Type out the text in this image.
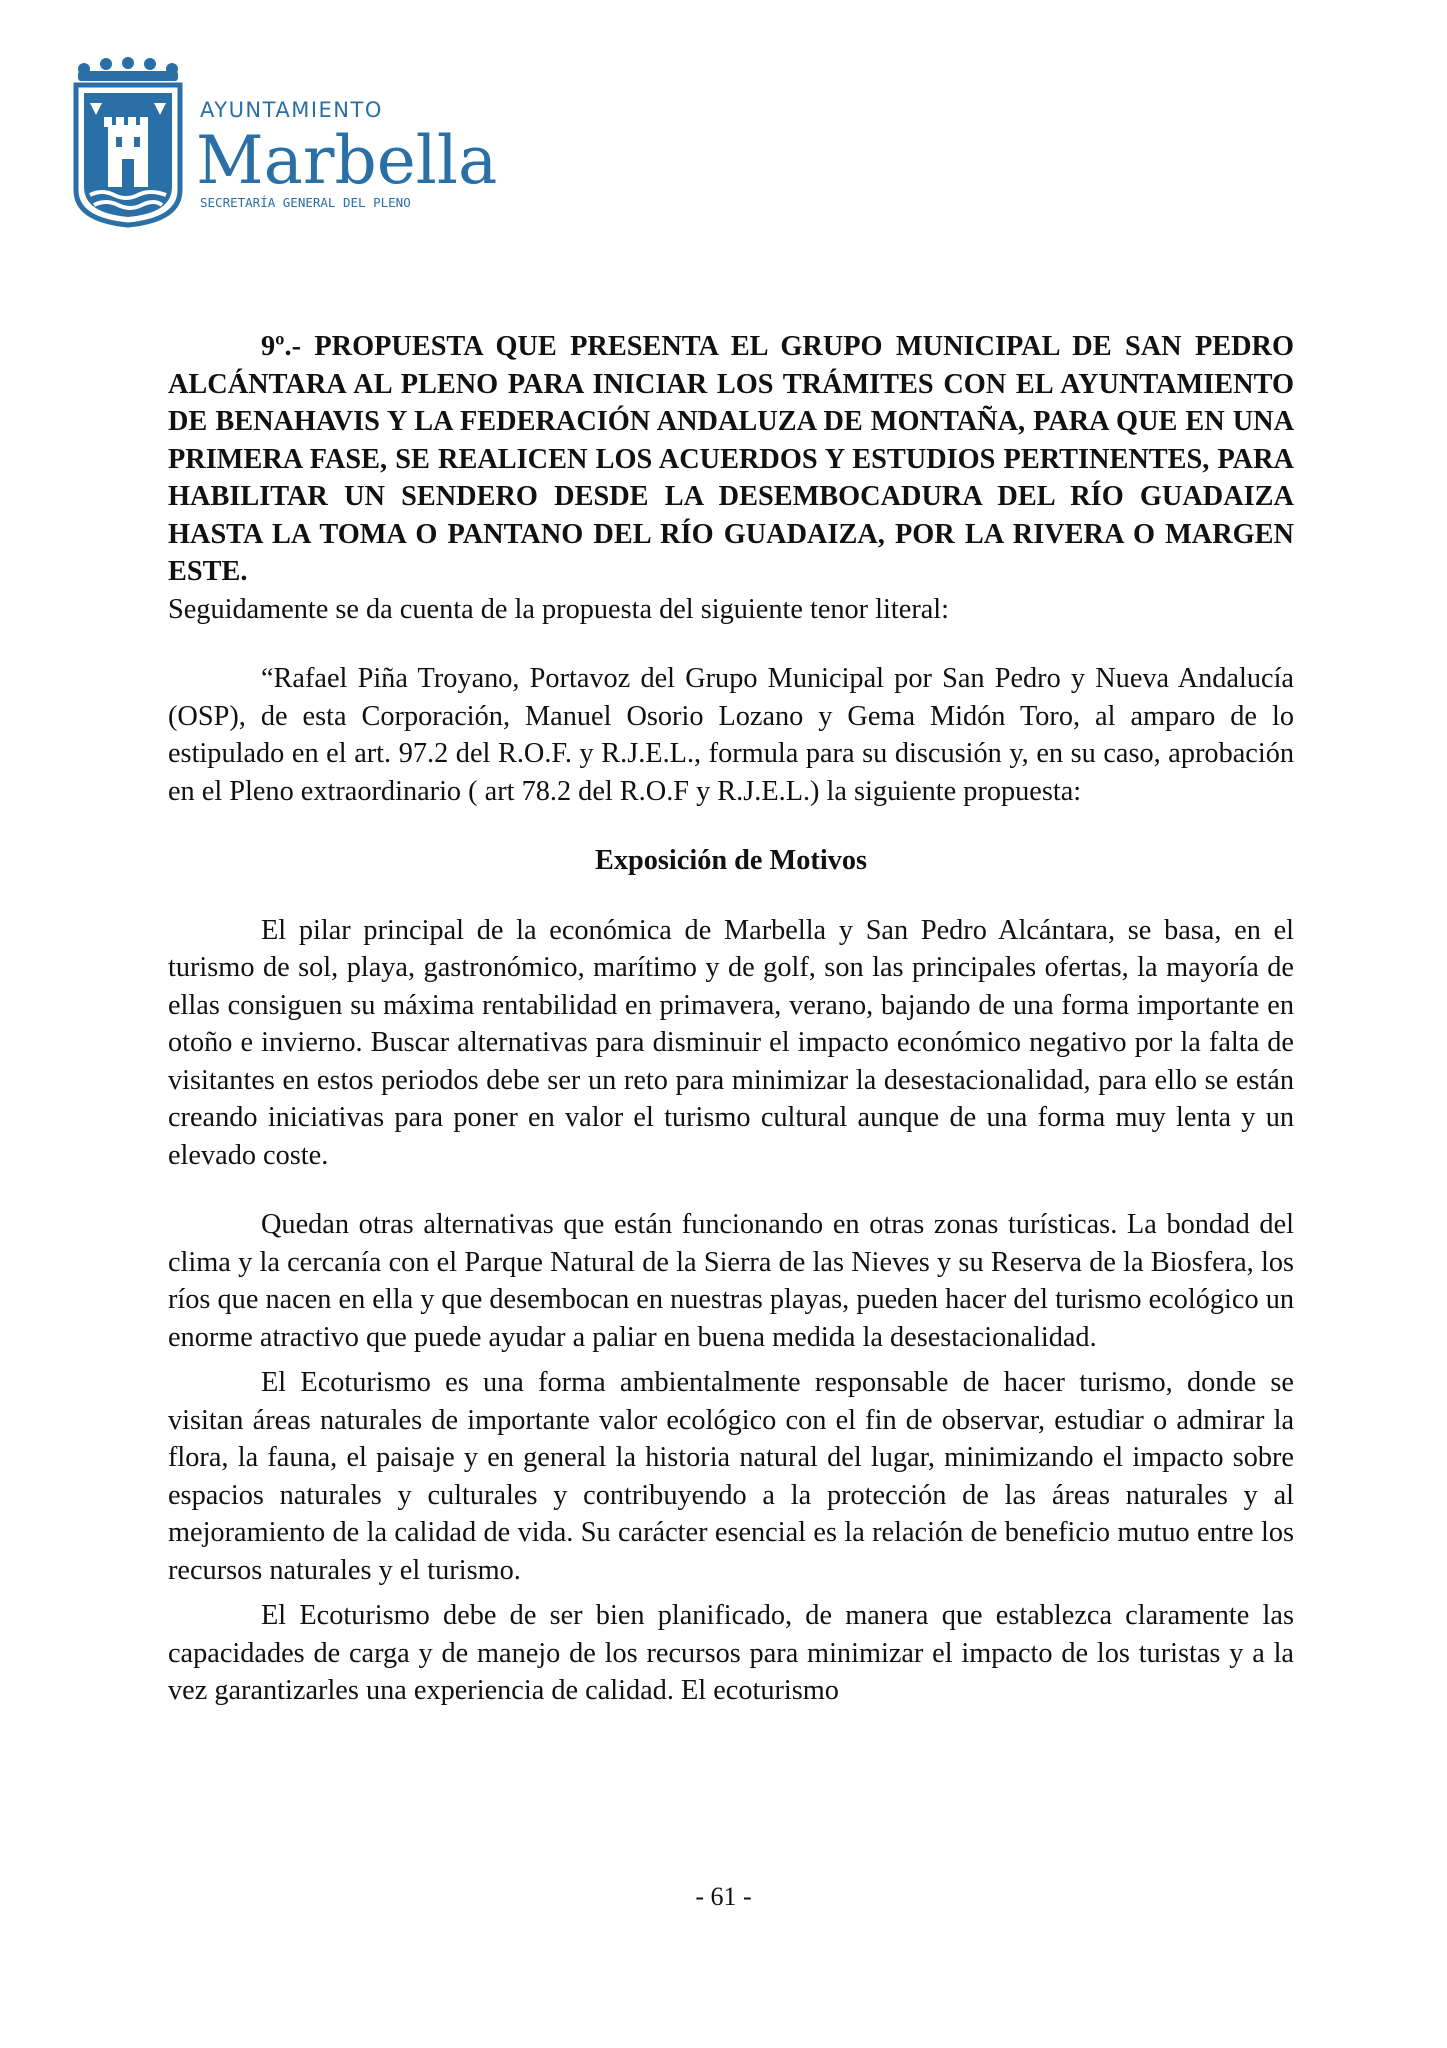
AYUNTAMIENTO
Marbella
SECRETARÍA GENERAL DEL PLENO

9º.- PROPUESTA QUE PRESENTA EL GRUPO MUNICIPAL DE SAN PEDRO ALCÁNTARA AL PLENO PARA INICIAR LOS TRÁMITES CON EL AYUNTAMIENTO DE BENAHAVIS Y LA FEDERACIÓN ANDALUZA DE MONTAÑA, PARA QUE EN UNA PRIMERA FASE, SE REALICEN LOS ACUERDOS Y ESTUDIOS PERTINENTES, PARA HABILITAR UN SENDERO DESDE LA DESEMBOCADURA DEL RÍO GUADAIZA HASTA LA TOMA O PANTANO DEL RÍO GUADAIZA, POR LA RIVERA O MARGEN ESTE.

Seguidamente se da cuenta de la propuesta del siguiente tenor literal:

“Rafael Piña Troyano, Portavoz del Grupo Municipal por San Pedro y Nueva Andalucía (OSP), de esta Corporación, Manuel Osorio Lozano y Gema Midón Toro, al amparo de lo estipulado en el art. 97.2 del R.O.F. y R.J.E.L., formula para su discusión y, en su caso, aprobación en el Pleno extraordinario ( art 78.2 del R.O.F y R.J.E.L.) la siguiente propuesta:

Exposición de Motivos

El pilar principal de la económica de Marbella y San Pedro Alcántara, se basa, en el turismo de sol, playa, gastronómico, marítimo y de golf, son las principales ofertas, la mayoría de ellas consiguen su máxima rentabilidad en primavera, verano, bajando de una forma importante en otoño e invierno. Buscar alternativas para disminuir el impacto económico negativo por la falta de visitantes en estos periodos debe ser un reto para minimizar la desestacionalidad, para ello se están creando iniciativas para poner en valor el turismo cultural aunque de una forma muy lenta y un elevado coste.

Quedan otras alternativas que están funcionando en otras zonas turísticas. La bondad del clima y la cercanía con el Parque Natural de la Sierra de las Nieves y su Reserva de la Biosfera, los ríos que nacen en ella y que desembocan en nuestras playas, pueden hacer del turismo ecológico un enorme atractivo que puede ayudar a paliar en buena medida la desestacionalidad.

El Ecoturismo es una forma ambientalmente responsable de hacer turismo, donde se visitan áreas naturales de importante valor ecológico con el fin de observar, estudiar o admirar la flora, la fauna, el paisaje y en general la historia natural del lugar, minimizando el impacto sobre espacios naturales y culturales y contribuyendo a la protección de las áreas naturales y al mejoramiento de la calidad de vida. Su carácter esencial es la relación de beneficio mutuo entre los recursos naturales y el turismo.

El Ecoturismo debe de ser bien planificado, de manera que establezca claramente las capacidades de carga y de manejo de los recursos para minimizar el impacto de los turistas y a la vez garantizarles una experiencia de calidad. El ecoturismo

- 61 -
